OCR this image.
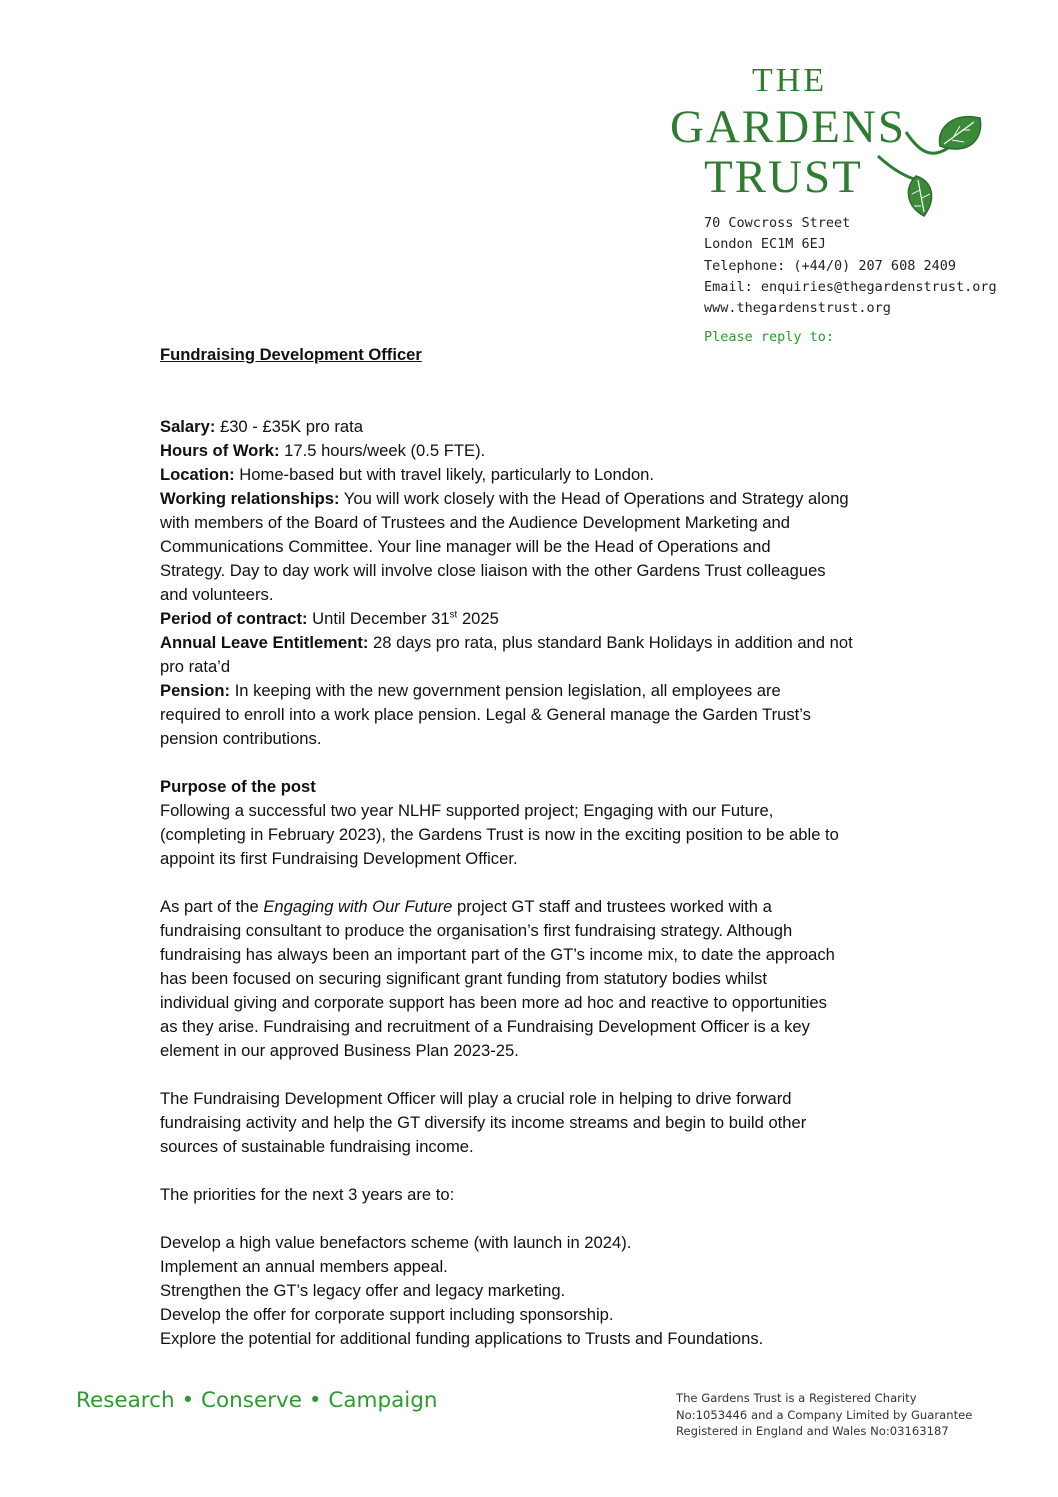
THE
GARDENS
TRUST
70 Cowcross Street
London EC1M 6EJ
Telephone: (+44/0) 207 608 2409
Email: enquiries@thegardenstrust.org
www.thegardenstrust.org
Please reply to:
Fundraising Development Officer
Salary: £30 - £35K pro rata
Hours of Work: 17.5 hours/week (0.5 FTE).
Location: Home-based but with travel likely, particularly to London.
Working relationships: You will work closely with the Head of Operations and Strategy along
with members of the Board of Trustees and the Audience Development Marketing and
Communications Committee. Your line manager will be the Head of Operations and
Strategy. Day to day work will involve close liaison with the other Gardens Trust colleagues
and volunteers.
Period of contract: Until December 31st 2025
Annual Leave Entitlement: 28 days pro rata, plus standard Bank Holidays in addition and not
pro rata’d
Pension: In keeping with the new government pension legislation, all employees are
required to enroll into a work place pension. Legal & General manage the Garden Trust’s
pension contributions.
Purpose of the post
Following a successful two year NLHF supported project; Engaging with our Future,
(completing in February 2023), the Gardens Trust is now in the exciting position to be able to
appoint its first Fundraising Development Officer.
As part of the Engaging with Our Future project GT staff and trustees worked with a
fundraising consultant to produce the organisation’s first fundraising strategy. Although
fundraising has always been an important part of the GT’s income mix, to date the approach
has been focused on securing significant grant funding from statutory bodies whilst
individual giving and corporate support has been more ad hoc and reactive to opportunities
as they arise. Fundraising and recruitment of a Fundraising Development Officer is a key
element in our approved Business Plan 2023-25.
The Fundraising Development Officer will play a crucial role in helping to drive forward
fundraising activity and help the GT diversify its income streams and begin to build other
sources of sustainable fundraising income.
The priorities for the next 3 years are to:
Develop a high value benefactors scheme (with launch in 2024).
Implement an annual members appeal.
Strengthen the GT’s legacy offer and legacy marketing.
Develop the offer for corporate support including sponsorship.
Explore the potential for additional funding applications to Trusts and Foundations.
Research • Conserve • Campaign	The Gardens Trust is a Registered Charity
No:1053446 and a Company Limited by Guarantee
Registered in England and Wales No:03163187
